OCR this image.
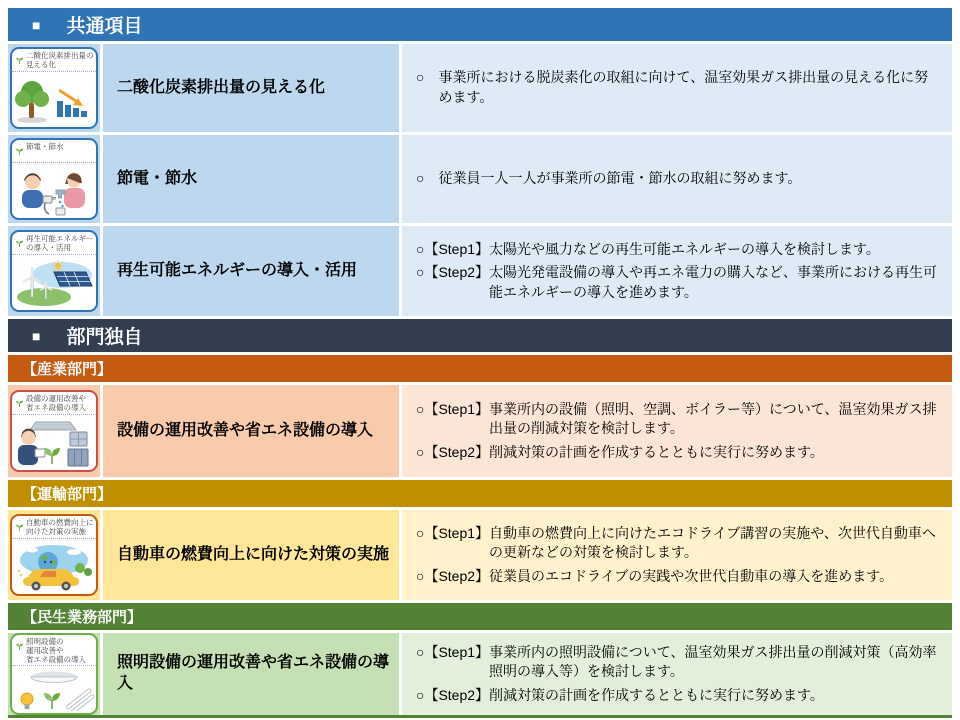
■ 共通項目
二酸化炭素排出量の
見える化
二酸化炭素排出量の見える化
○　 事業所における脱炭素化の取組に向けて、温室効果ガス排出量の見える化に努めます。
節電・節水
節電・節水	○　 従業員一人一人が事業所の節電・節水の取組に努めます。
再生可能エネルギー
の導入・活用
再生可能エネルギーの導入・活用
○【Step1】 太陽光や風力などの再生可能エネルギーの導入を検討します。
○【Step2】 太陽光発電設備の導入や再エネ電力の購入など、事業所における再生可能エネルギーの導入を進めます。
■ 部門独自
【産業部門】
設備の運用改善や
省エネ設備の導入
設備の運用改善や省エネ設備の導入
○【Step1】 事業所内の設備（照明、空調、ボイラー等）について、温室効果ガス排出量の削減対策を検討します。
○【Step2】 削減対策の計画を作成するとともに実行に努めます。
【運輸部門】
自動車の燃費向上に
向けた対策の実施
自動車の燃費向上に向けた対策の実施
○【Step1】 自動車の燃費向上に向けたエコドライブ講習の実施や、次世代自動車への更新などの対策を検討します。
○【Step2】 従業員のエコドライブの実践や次世代自動車の導入を進めます。
【民生業務部門】
照明設備の
運用改善や
省エネ設備の導入	照明設備の運用改善や省エネ設備の導入
○【Step1】 事業所内の照明設備について、温室効果ガス排出量の削減対策（高効率照明の導入等）を検討します。
○【Step2】 削減対策の計画を作成するとともに実行に努めます。
